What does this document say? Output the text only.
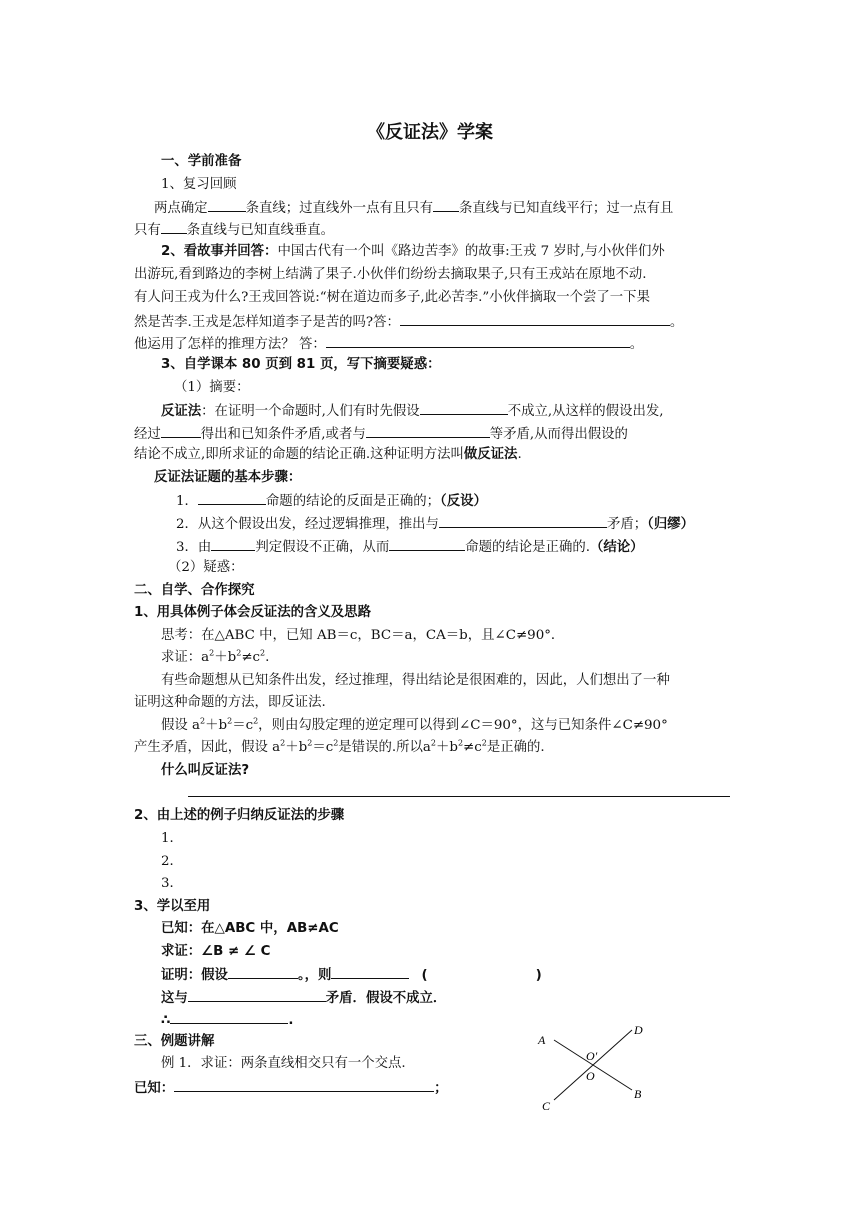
《反证法》学案
一、学前准备
1、复习回顾
两点确定	条直线；过直线外一点有且只有 条直线与已知直线平行；过一点有且
只有 条直线与已知直线垂直。
2、看故事并回答：中国古代有一个叫《路边苦李》的故事:王戎 7 岁时,与小伙伴们外
出游玩,看到路边的李树上结满了果子.小伙伴们纷纷去摘取果子,只有王戎站在原地不动.
有人问王戎为什么?王戎回答说:“树在道边而多子,此必苦李.”小伙伴摘取一个尝了一下果
然是苦李.王戎是怎样知道李子是苦的吗?答：	。
他运用了怎样的推理方法？ 答：	。
3、自学课本 80 页到 81 页，写下摘要疑惑：
（1）摘要：
反证法：在证明一个命题时,人们有时先假设	不成立,从这样的假设出发,
经过	得出和已知条件矛盾,或者与	等矛盾,从而得出假设的
结论不成立,即所求证的命题的结论正确.这种证明方法叫做反证法.
反证法证题的基本步骤：
1．	命题的结论的反面是正确的；（反设）
2．从这个假设出发，经过逻辑推理，推出与	矛盾；（归缪）
3．由	判定假设不正确，从而	命题的结论是正确的.（结论）
（2）疑惑：
二、自学、合作探究
1、用具体例子体会反证法的含义及思路
思考：在△ABC 中，已知 AB＝c，BC＝a，CA＝b，且∠C≠90°．
求证：$a^2+b^2\ne c^2$.
有些命题想从已知条件出发，经过推理，得出结论是很困难的，因此，人们想出了一种
证明这种命题的方法，即反证法.
假设 $a^2+b^2=c^2$，则由勾股定理的逆定理可以得到∠C＝90°，这与已知条件∠C≠90°
产生矛盾，因此，假设 $a^2+b^2=c^2$是错误的.所以$a^2+b^2\ne c^2$是正确的.
什么叫反证法?
2、由上述的例子归纳反证法的步骤
1．
2．
3．
3、学以至用
已知：在△ABC 中，AB≠AC
求证：∠B ≠ ∠ C
证明：假设	。，则	(	)
这与	矛盾．假设不成立．
∴	.
三、例题讲解
例 1．求证：两条直线相交只有一个交点.
已知：	；
A
B
C
D
O′
O
